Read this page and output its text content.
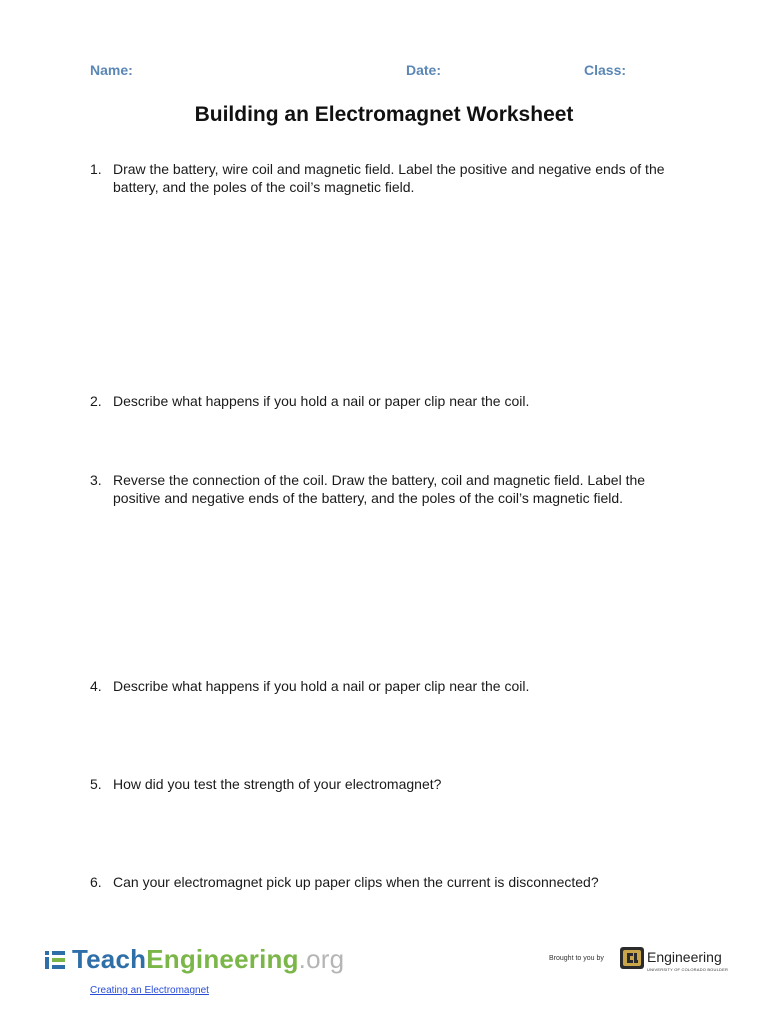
Name:	Date:	Class:
Building an Electromagnet Worksheet
1. Draw the battery, wire coil and magnetic field. Label the positive and negative ends of the battery, and the poles of the coil’s magnetic field.
2. Describe what happens if you hold a nail or paper clip near the coil.
3. Reverse the connection of the coil. Draw the battery, coil and magnetic field. Label the positive and negative ends of the battery, and the poles of the coil’s magnetic field.
4. Describe what happens if you hold a nail or paper clip near the coil.
5. How did you test the strength of your electromagnet?
6. Can your electromagnet pick up paper clips when the current is disconnected?
TeachEngineering.org	Brought to you by	Engineering
UNIVERSITY OF COLORADO BOULDER
Creating an Electromagnet
